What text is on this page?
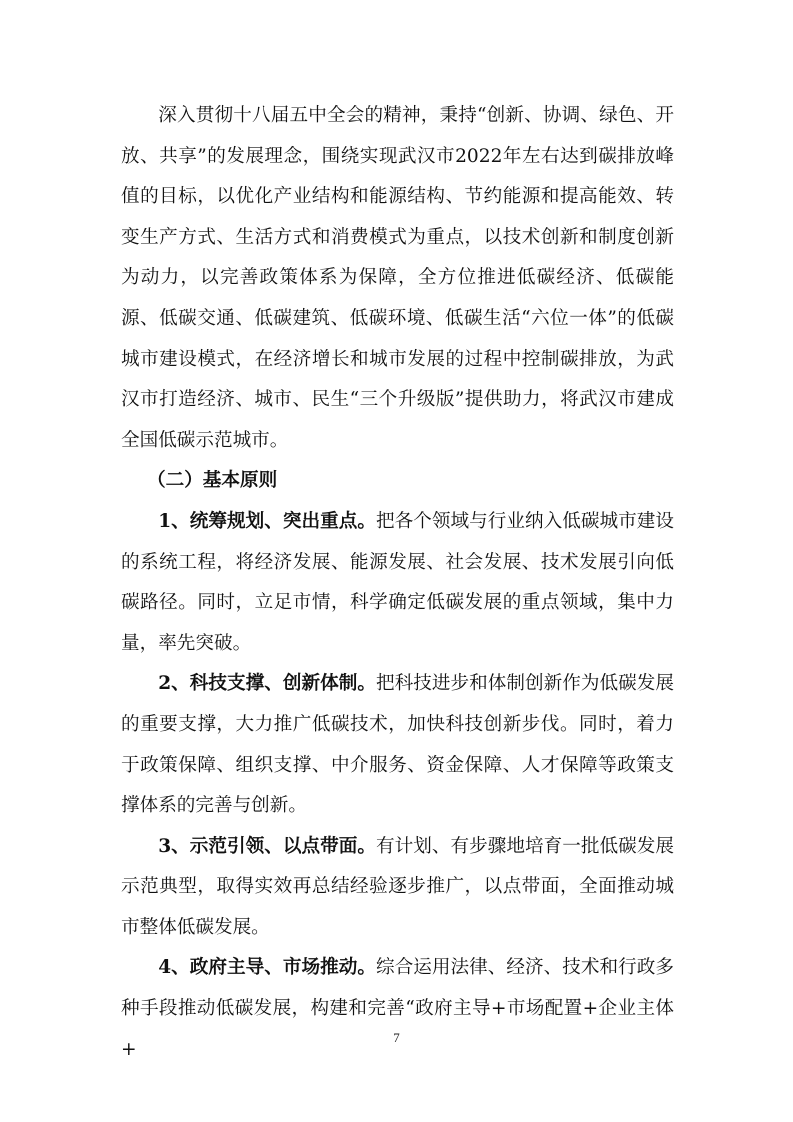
深入贯彻十八届五中全会的精神，秉持“创新、协调、绿色、开放、共享”的发展理念，围绕实现武汉市2022年左右达到碳排放峰值的目标，以优化产业结构和能源结构、节约能源和提高能效、转变生产方式、生活方式和消费模式为重点，以技术创新和制度创新为动力，以完善政策体系为保障，全方位推进低碳经济、低碳能源、低碳交通、低碳建筑、低碳环境、低碳生活“六位一体”的低碳城市建设模式，在经济增长和城市发展的过程中控制碳排放，为武汉市打造经济、城市、民生“三个升级版”提供助力，将武汉市建成全国低碳示范城市。

（二）基本原则

1、统筹规划、突出重点。把各个领域与行业纳入低碳城市建设的系统工程，将经济发展、能源发展、社会发展、技术发展引向低碳路径。同时，立足市情，科学确定低碳发展的重点领域，集中力量，率先突破。

2、科技支撑、创新体制。把科技进步和体制创新作为低碳发展的重要支撑，大力推广低碳技术，加快科技创新步伐。同时，着力于政策保障、组织支撑、中介服务、资金保障、人才保障等政策支撑体系的完善与创新。

3、示范引领、以点带面。有计划、有步骤地培育一批低碳发展示范典型，取得实效再总结经验逐步推广，以点带面，全面推动城市整体低碳发展。

4、政府主导、市场推动。综合运用法律、经济、技术和行政多种手段推动低碳发展，构建和完善“政府主导+市场配置+企业主体+

7
